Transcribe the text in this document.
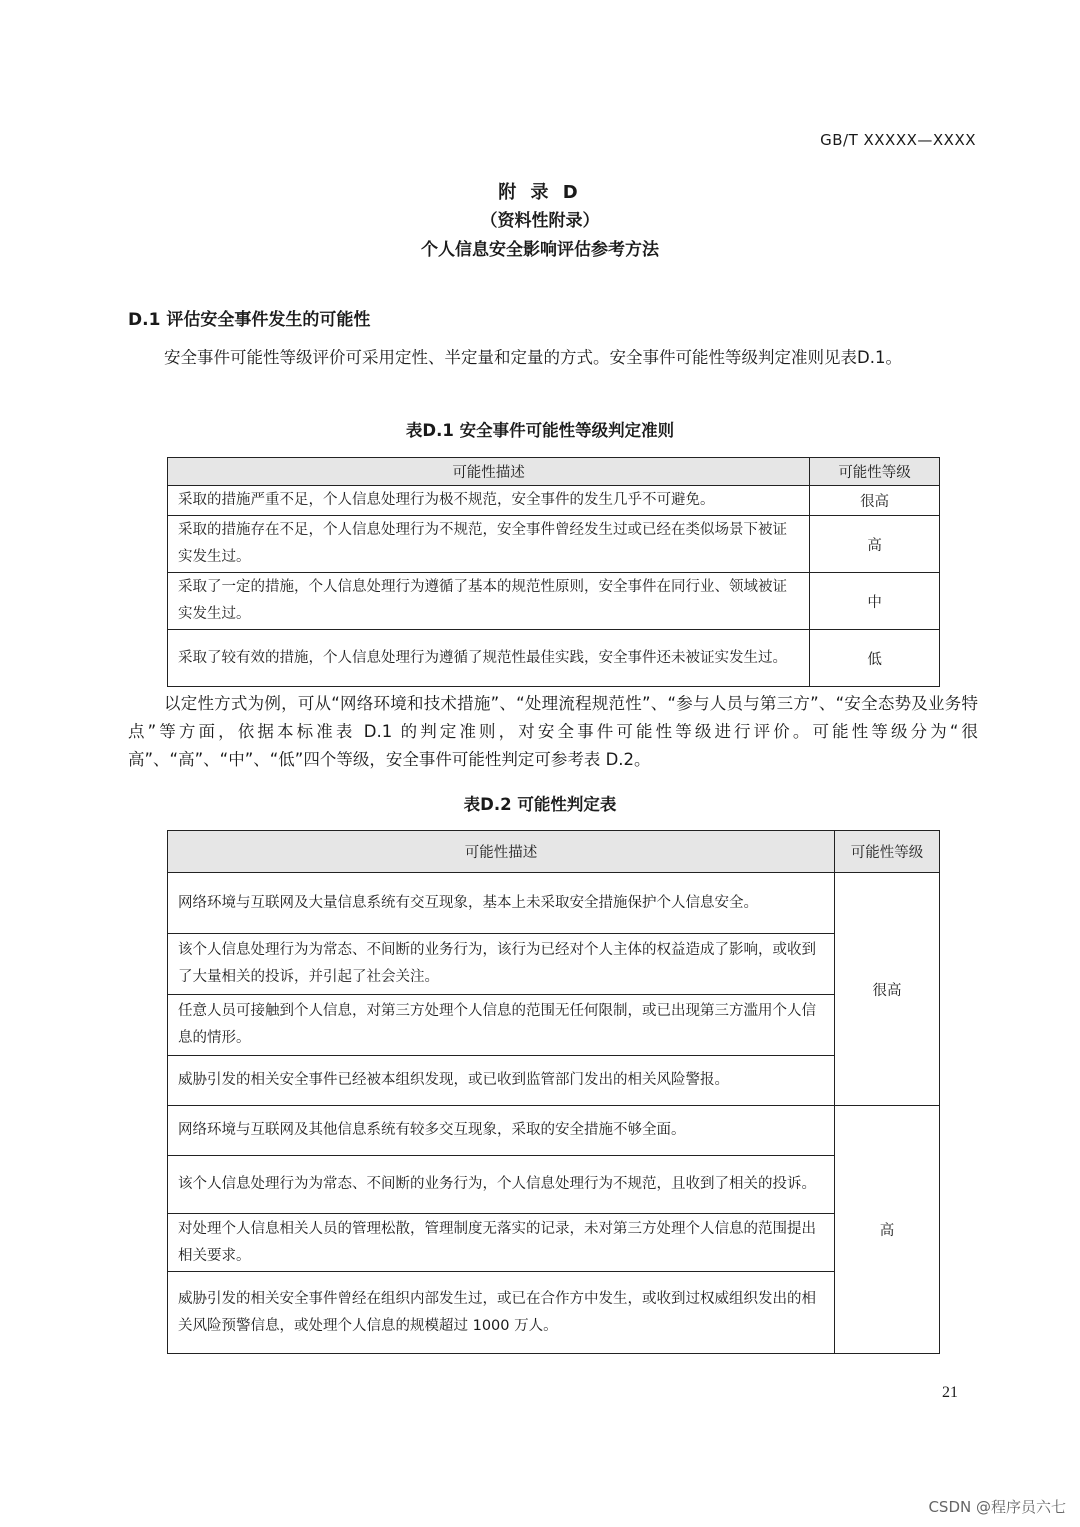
GB/T XXXXX—XXXX
附 录 D
（资料性附录）
个人信息安全影响评估参考方法
D.1 评估安全事件发生的可能性
安全事件可能性等级评价可采用定性、半定量和定量的方式。安全事件可能性等级判定准则见表D.1。
表D.1 安全事件可能性等级判定准则
可能性描述	可能性等级
采取的措施严重不足，个人信息处理行为极不规范，安全事件的发生几乎不可避免。	很高
采取的措施存在不足，个人信息处理行为不规范，安全事件曾经发生过或已经在类似场景下被证实发生过。	高
采取了一定的措施，个人信息处理行为遵循了基本的规范性原则，安全事件在同行业、领域被证实发生过。	中
采取了较有效的措施，个人信息处理行为遵循了规范性最佳实践，安全事件还未被证实发生过。	低
以定性方式为例，可从“网络环境和技术措施”、“处理流程规范性”、“参与人员与第三方”、“安全态势及业务特点”等方面，依据本标准表 D.1 的判定准则，对安全事件可能性等级进行评价。可能性等级分为“很高”、“高”、“中”、“低”四个等级，安全事件可能性判定可参考表 D.2。
表D.2 可能性判定表
可能性描述	可能性等级
网络环境与互联网及大量信息系统有交互现象，基本上未采取安全措施保护个人信息安全。	很高
该个人信息处理行为为常态、不间断的业务行为，该行为已经对个人主体的权益造成了影响，或收到了大量相关的投诉，并引起了社会关注。	
任意人员可接触到个人信息，对第三方处理个人信息的范围无任何限制，或已出现第三方滥用个人信息的情形。	
威胁引发的相关安全事件已经被本组织发现，或已收到监管部门发出的相关风险警报。	
网络环境与互联网及其他信息系统有较多交互现象，采取的安全措施不够全面。	高
该个人信息处理行为为常态、不间断的业务行为，个人信息处理行为不规范，且收到了相关的投诉。	
对处理个人信息相关人员的管理松散，管理制度无落实的记录，未对第三方处理个人信息的范围提出相关要求。	
威胁引发的相关安全事件曾经在组织内部发生过，或已在合作方中发生，或收到过权威组织发出的相关风险预警信息，或处理个人信息的规模超过 1000 万人。	
21
CSDN @程序员六七
